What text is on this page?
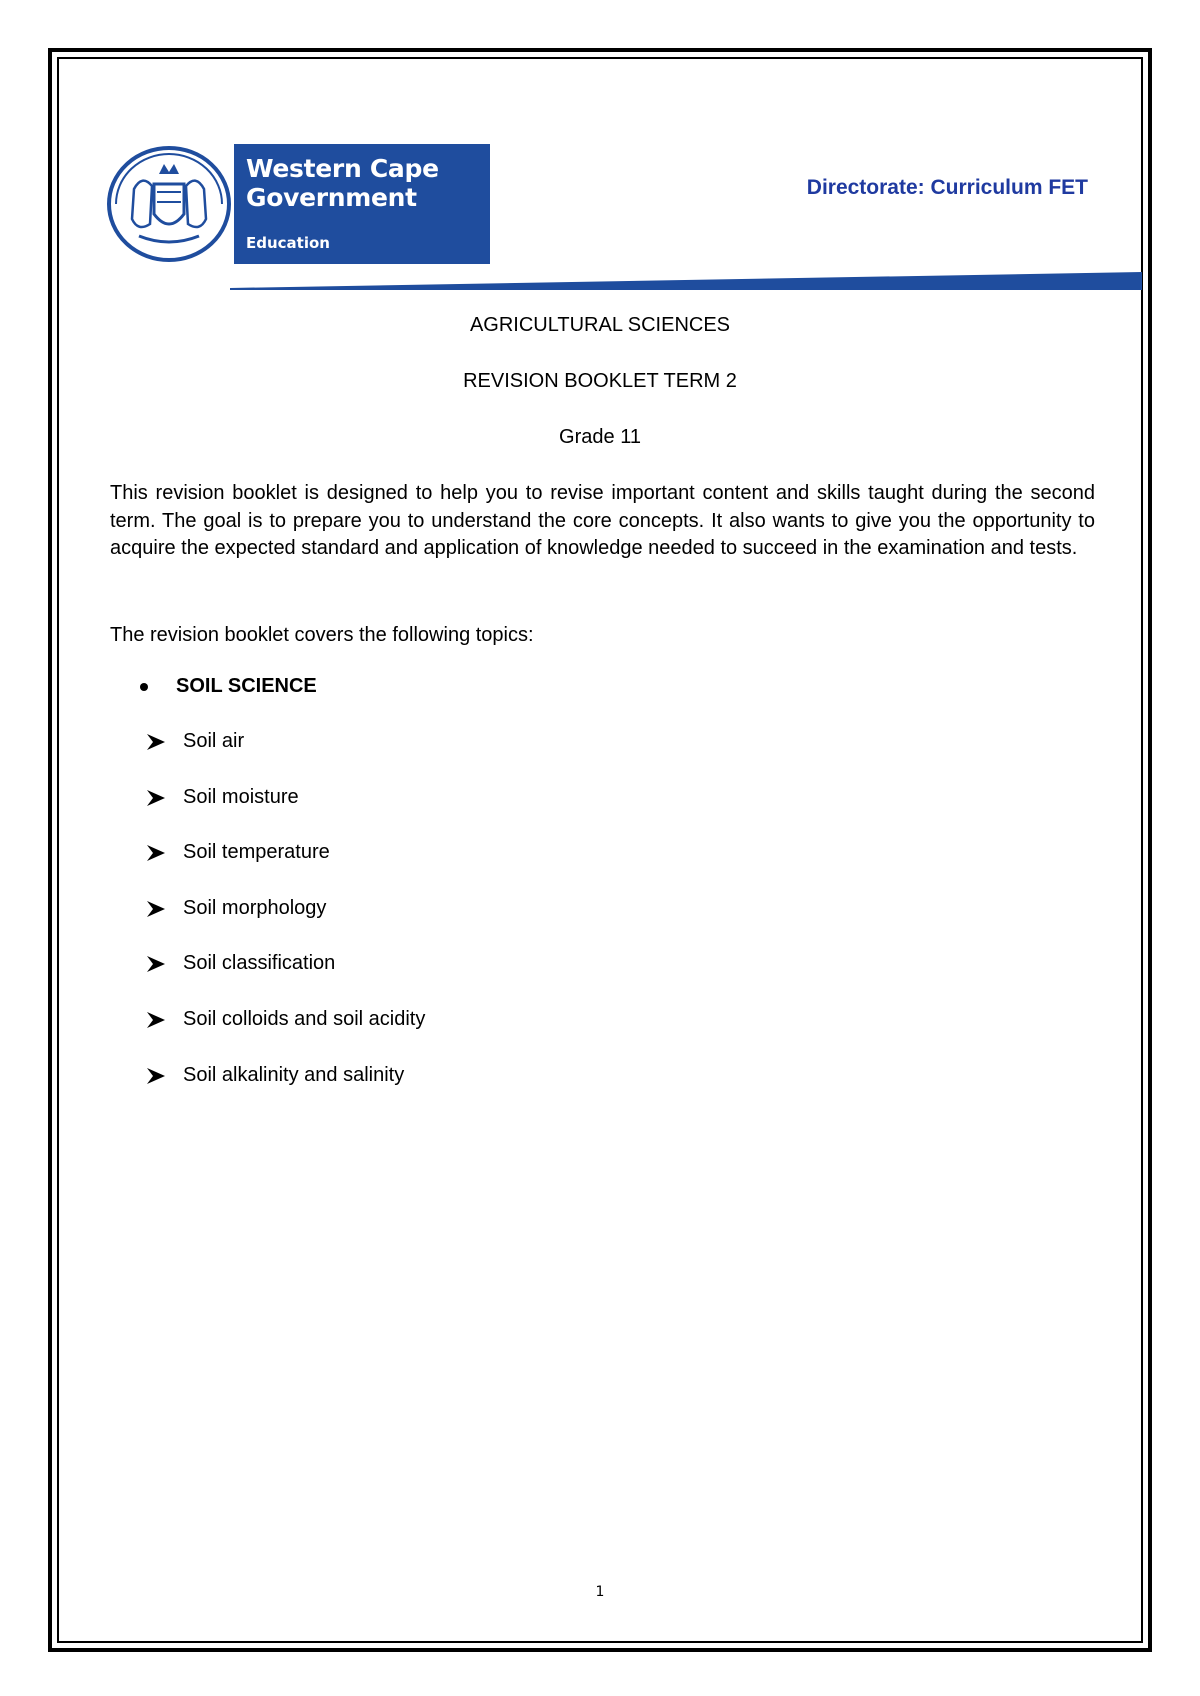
Western Cape
Government
Education
Directorate: Curriculum FET
AGRICULTURAL SCIENCES
REVISION BOOKLET TERM 2
Grade 11

This revision booklet is designed to help you to revise important content and skills taught during the second term. The goal is to prepare you to understand the core concepts. It also wants to give you the opportunity to acquire the expected standard and application of knowledge needed to succeed in the examination and tests.

The revision booklet covers the following topics:

SOIL SCIENCE
Soil air
Soil moisture
Soil temperature
Soil morphology
Soil classification
Soil colloids and soil acidity
Soil alkalinity and salinity
1
